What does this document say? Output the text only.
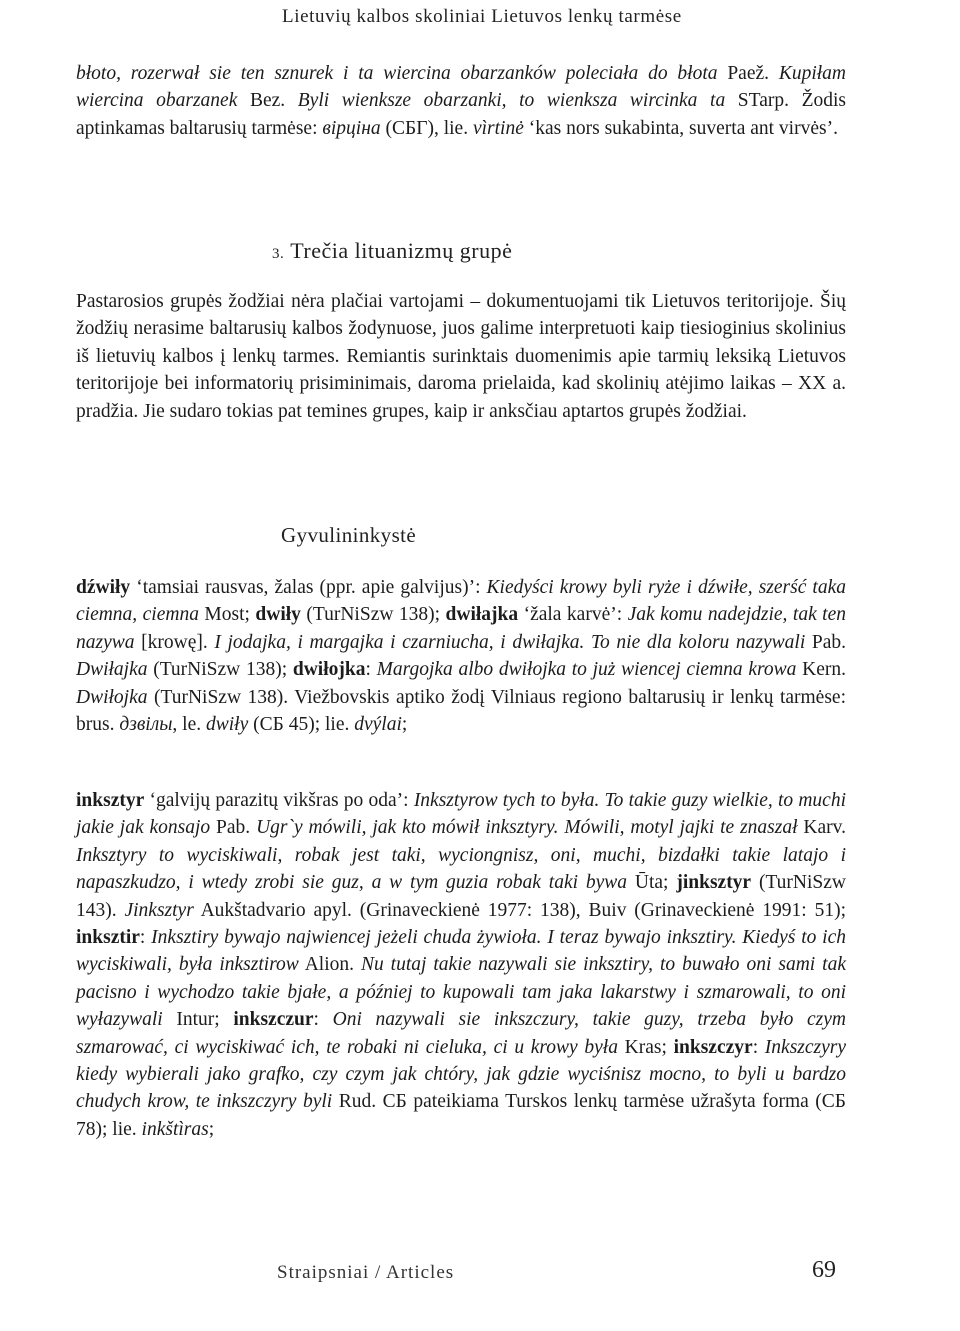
Lietuvių kalbos skoliniai Lietuvos lenkų tarmėse

błoto, rozerwał sie ten sznurek i ta wiercina obarzanków poleciała do błota Paež. Kupiłam wiercina obarzanek Bez. Byli wienksze obarzanki, to wienksza wircinka ta STarp. Žodis aptinkamas baltarusių tarmėse: вірціна (СБГ), lie. vìrtinė ‘kas nors sukabinta, suverta ant virvės’.

3. Trečia lituanizmų grupė

Pastarosios grupės žodžiai nėra plačiai vartojami – dokumentuojami tik Lietuvos teritorijoje. Šių žodžių nerasime baltarusių kalbos žodynuose, juos galime interpretuoti kaip tiesioginius skolinius iš lietuvių kalbos į lenkų tarmes. Remiantis surinktais duomenimis apie tarmių leksiką Lietuvos teritorijoje bei informatorių prisiminimais, daroma prielaida, kad skolinių atėjimo laikas – XX a. pradžia. Jie sudaro tokias pat temines grupes, kaip ir anksčiau aptartos grupės žodžiai.

Gyvulininkystė

dźwiły ‘tamsiai rausvas, žalas (ppr. apie galvijus)’: Kiedyści krowy byli ryże i dźwiłe, szerść taka ciemna, ciemna Most; dwiły (TurNiSzw 138); dwiłajka ‘žala karvė’: Jak komu nadejdzie, tak ten nazywa [krowę]. I jodajka, i margajka i czarniucha, i dwiłajka. To nie dla koloru nazywali Pab. Dwiłajka (TurNiSzw 138); dwiłojka: Margojka albo dwiłojka to już wiencej ciemna krowa Kern. Dwiłojka (TurNiSzw 138). Viežbovskis aptiko žodį Vilniaus regiono baltarusių ir lenkų tarmėse: brus. дзвілы, le. dwiły (СБ 45); lie. dvýlai;

inksztyr ‘galvijų parazitų vikšras po oda’: Inksztyrow tych to była. To takie guzy wielkie, to muchi jakie jak konsajo Pab. Ugr`y mówili, jak kto mówił inksztyry. Mówili, motyl jajki te znaszał Karv. Inksztyry to wyciskiwali, robak jest taki, wyciongnisz, oni, muchi, bizdałki takie latajo i napaszkudzo, i wtedy zrobi sie guz, a w tym guzia robak taki bywa Ūta; jinksztyr (TurNiSzw 143). Jinksztyr Aukštadvario apyl. (Grinaveckienė 1977: 138), Buiv (Grinaveckienė 1991: 51); inksztir: Inksztiry bywajo najwiencej jeżeli chuda żywioła. I teraz bywajo inksztiry. Kiedyś to ich wyciskiwali, była inksztirow Alion. Nu tutaj takie nazywali sie inksztiry, to buwało oni sami tak pacisno i wychodzo takie bjałe, a później to kupowali tam jaka lakarstwy i szmarowali, to oni wyłazywali Intur; inkszczur: Oni nazywali sie inkszczury, takie guzy, trzeba było czym szmarować, ci wyciskiwać ich, te robaki ni cieluka, ci u krowy była Kras; inkszczyr: Inkszczyry kiedy wybierali jako grafko, czy czym jak chtóry, jak gdzie wyciśnisz mocno, to byli u bardzo chudych krow, te inkszczyry byli Rud. СБ pateikiama Turskos lenkų tarmėse užrašyta forma (СБ 78); lie. inkštìras;

Straipsniai / Articles	69
